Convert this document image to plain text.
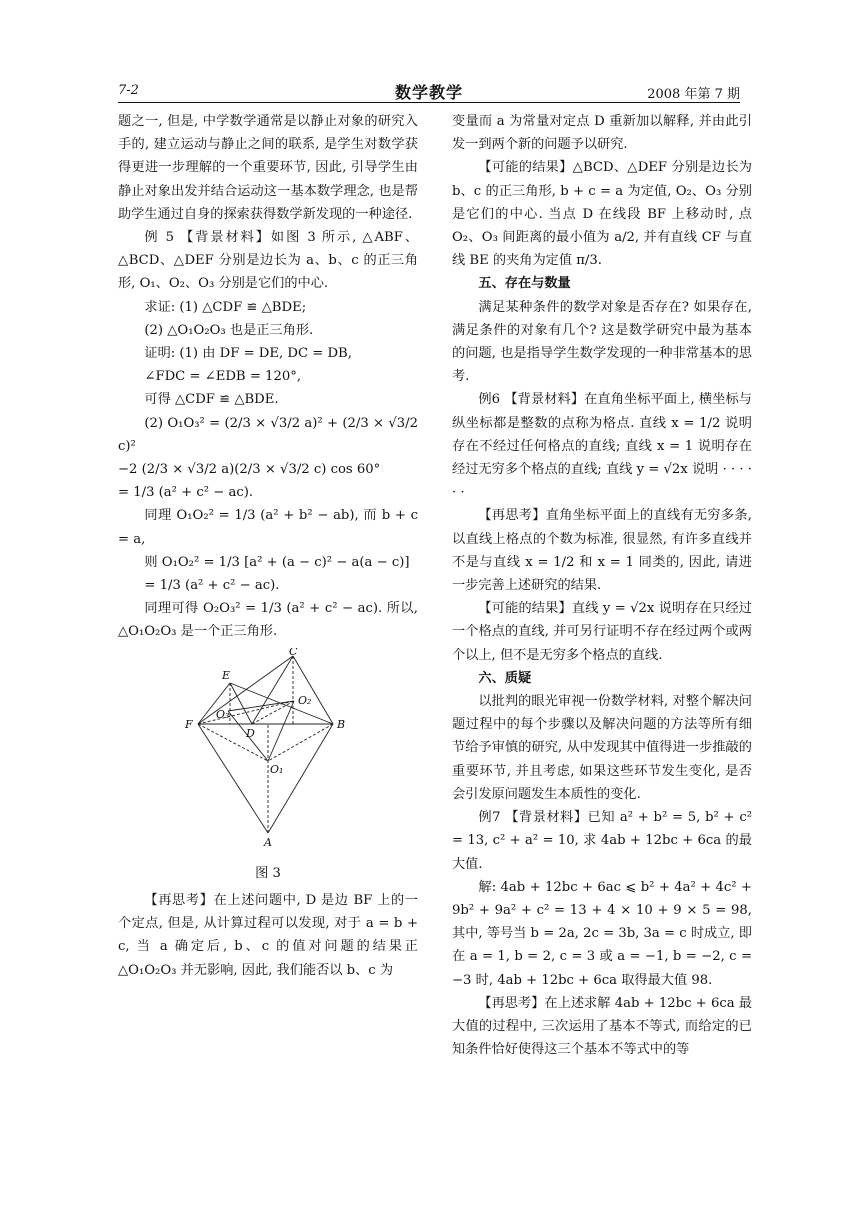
7-2	数学教学	2008 年第 7 期

题之一, 但是, 中学数学通常是以静止对象的研究入手的, 建立运动与静止之间的联系, 是学生对数学获得更进一步理解的一个重要环节, 因此, 引导学生由静止对象出发并结合运动这一基本数学理念, 也是帮助学生通过自身的探索获得数学新发现的一种途径.

例 5 【背景材料】如图 3 所示, △ABF、△BCD、△DEF 分别是边长为 a、b、c 的正三角形, O₁、O₂、O₃ 分别是它们的中心.

求证: (1) △CDF ≌ △BDE;

(2) △O₁O₂O₃ 也是正三角形.

证明: (1) 由 DF = DE, DC = DB,

∠FDC = ∠EDB = 120°,

可得 △CDF ≌ △BDE.

(2) O₁O₃² = (2/3 × √3/2 a)² + (2/3 × √3/2 c)²

−2 (2/3 × √3/2 a)(2/3 × √3/2 c) cos 60°

= 1/3 (a² + c² − ac).

同理 O₁O₂² = 1/3 (a² + b² − ab), 而 b + c = a,

则 O₁O₂² = 1/3 [a² + (a − c)² − a(a − c)]

= 1/3 (a² + c² − ac).

同理可得 O₂O₃² = 1/3 (a² + c² − ac). 所以, △O₁O₂O₃ 是一个正三角形.

C
E
O₂
F
O₃
D
B
O₁
A
图 3

【再思考】在上述问题中, D 是边 BF 上的一个定点, 但是, 从计算过程可以发现, 对于 a = b + c, 当 a 确定后, b、c 的值对问题的结果正 △O₁O₂O₃ 并无影响, 因此, 我们能否以 b、c 为

变量而 a 为常量对定点 D 重新加以解释, 并由此引发一到两个新的问题予以研究.

【可能的结果】△BCD、△DEF 分别是边长为 b、c 的正三角形, b + c = a 为定值, O₂、O₃ 分别是它们的中心. 当点 D 在线段 BF 上移动时, 点 O₂、O₃ 间距离的最小值为 a/2, 并有直线 CF 与直线 BE 的夹角为定值 π/3.

五、存在与数量

满足某种条件的数学对象是否存在? 如果存在, 满足条件的对象有几个? 这是数学研究中最为基本的问题, 也是指导学生数学发现的一种非常基本的思考.

例6 【背景材料】在直角坐标平面上, 横坐标与纵坐标都是整数的点称为格点. 直线 x = 1/2 说明存在不经过任何格点的直线; 直线 x = 1 说明存在经过无穷多个格点的直线; 直线 y = √2x 说明 · · · · · ·

【再思考】直角坐标平面上的直线有无穷多条, 以直线上格点的个数为标准, 很显然, 有许多直线并不是与直线 x = 1/2 和 x = 1 同类的, 因此, 请进一步完善上述研究的结果.

【可能的结果】直线 y = √2x 说明存在只经过一个格点的直线, 并可另行证明不存在经过两个或两个以上, 但不是无穷多个格点的直线.

六、质疑

以批判的眼光审视一份数学材料, 对整个解决问题过程中的每个步骤以及解决问题的方法等所有细节给予审慎的研究, 从中发现其中值得进一步推敲的重要环节, 并且考虑, 如果这些环节发生变化, 是否会引发原问题发生本质性的变化.

例7 【背景材料】已知 a² + b² = 5, b² + c² = 13, c² + a² = 10, 求 4ab + 12bc + 6ca 的最大值.

解: 4ab + 12bc + 6ac ⩽ b² + 4a² + 4c² + 9b² + 9a² + c² = 13 + 4 × 10 + 9 × 5 = 98, 其中, 等号当 b = 2a, 2c = 3b, 3a = c 时成立, 即在 a = 1, b = 2, c = 3 或 a = −1, b = −2, c = −3 时, 4ab + 12bc + 6ca 取得最大值 98.

【再思考】在上述求解 4ab + 12bc + 6ca 最大值的过程中, 三次运用了基本不等式, 而给定的已知条件恰好使得这三个基本不等式中的等
